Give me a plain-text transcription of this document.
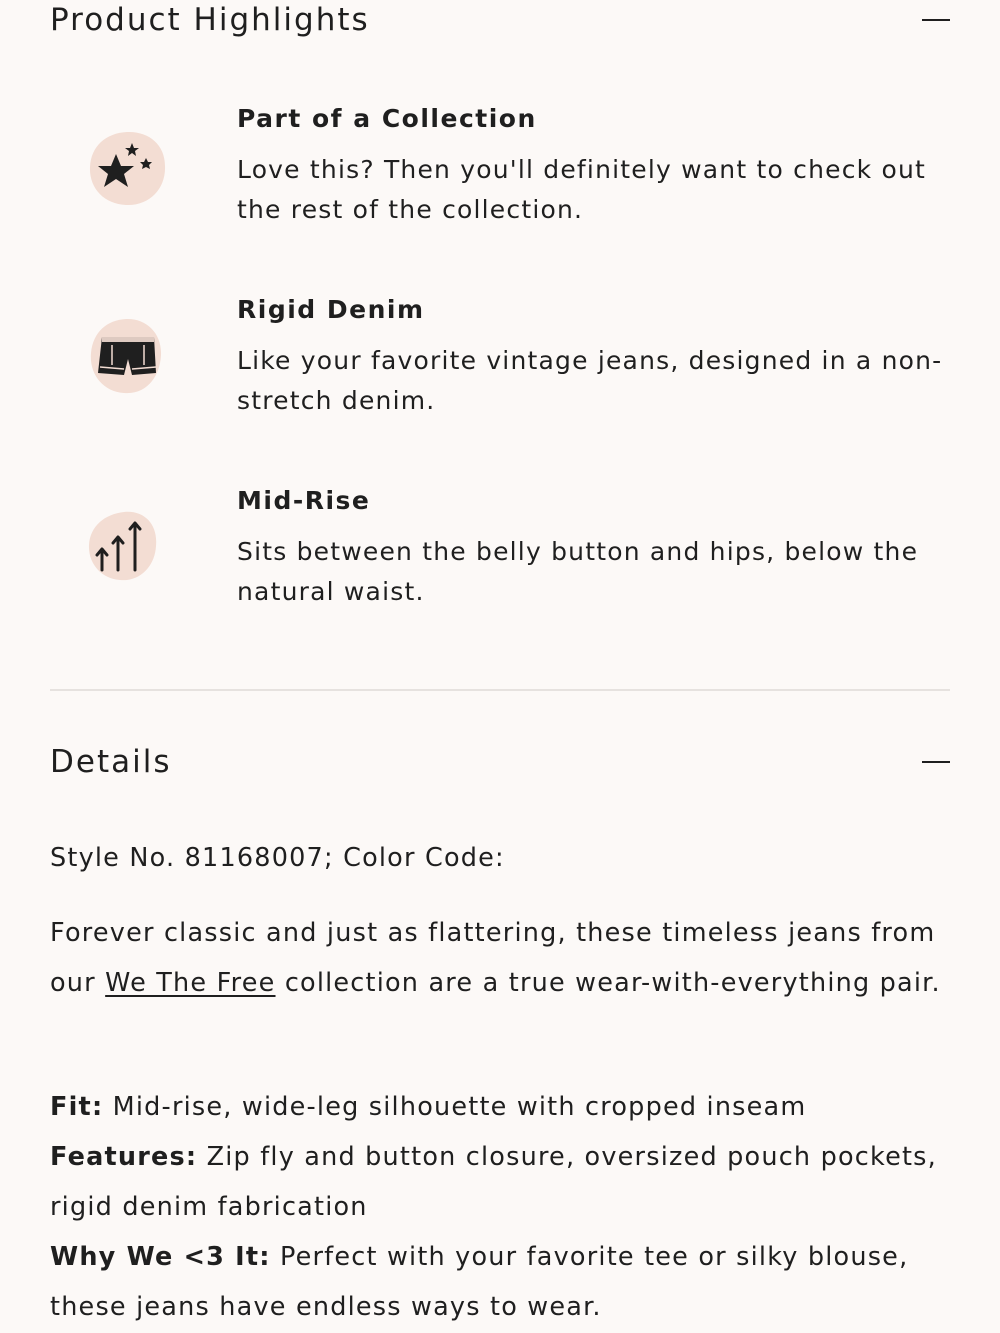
Product Highlights

Part of a Collection

Love this? Then you'll definitely want to check out the rest of the collection.

Rigid Denim

Like your favorite vintage jeans, designed in a non-stretch denim.

Mid-Rise

Sits between the belly button and hips, below the natural waist.
Details
Style No. 81168007; Color Code:
Forever classic and just as flattering, these timeless jeans from our We The Free collection are a true wear-with-everything pair.

Fit: Mid-rise, wide-leg silhouette with cropped inseam

Features: Zip fly and button closure, oversized pouch pockets, rigid denim fabrication

Why We <3 It: Perfect with your favorite tee or silky blouse, these jeans have endless ways to wear.
